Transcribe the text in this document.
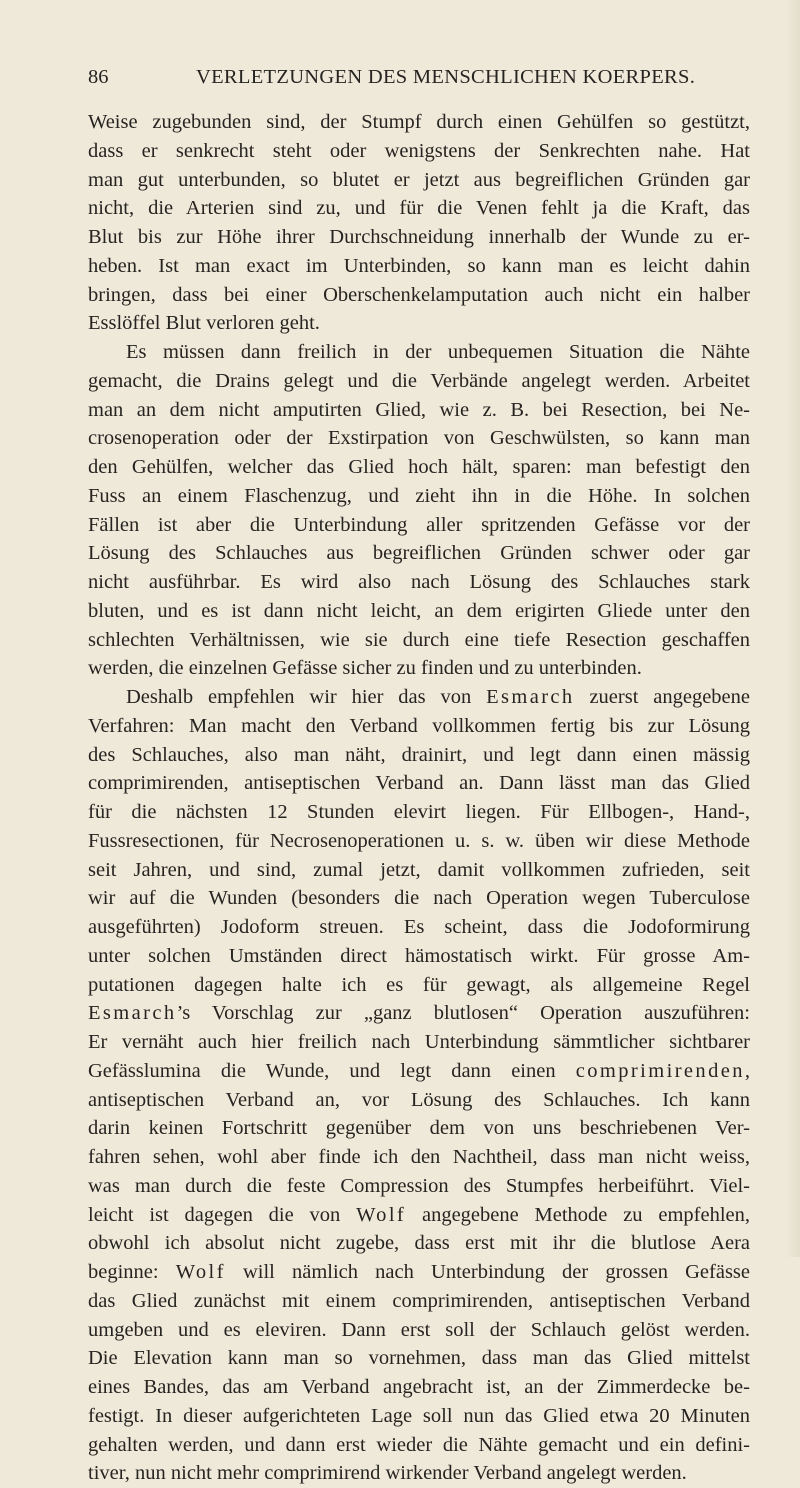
86	VERLETZUNGEN DES MENSCHLICHEN KOERPERS.
Weise zugebunden sind, der Stumpf durch einen Gehülfen so gestützt,
dass er senkrecht steht oder wenigstens der Senkrechten nahe. Hat
man gut unterbunden, so blutet er jetzt aus begreiflichen Gründen gar
nicht, die Arterien sind zu, und für die Venen fehlt ja die Kraft, das
Blut bis zur Höhe ihrer Durchschneidung innerhalb der Wunde zu er-
heben. Ist man exact im Unterbinden, so kann man es leicht dahin
bringen, dass bei einer Oberschenkelamputation auch nicht ein halber
Esslöffel Blut verloren geht.
Es müssen dann freilich in der unbequemen Situation die Nähte
gemacht, die Drains gelegt und die Verbände angelegt werden. Arbeitet
man an dem nicht amputirten Glied, wie z. B. bei Resection, bei Ne-
crosenoperation oder der Exstirpation von Geschwülsten, so kann man
den Gehülfen, welcher das Glied hoch hält, sparen: man befestigt den
Fuss an einem Flaschenzug, und zieht ihn in die Höhe. In solchen
Fällen ist aber die Unterbindung aller spritzenden Gefässe vor der
Lösung des Schlauches aus begreiflichen Gründen schwer oder gar
nicht ausführbar. Es wird also nach Lösung des Schlauches stark
bluten, und es ist dann nicht leicht, an dem erigirten Gliede unter den
schlechten Verhältnissen, wie sie durch eine tiefe Resection geschaffen
werden, die einzelnen Gefässe sicher zu finden und zu unterbinden.
Deshalb empfehlen wir hier das von Esmarch zuerst angegebene
Verfahren: Man macht den Verband vollkommen fertig bis zur Lösung
des Schlauches, also man näht, drainirt, und legt dann einen mässig
comprimirenden, antiseptischen Verband an. Dann lässt man das Glied
für die nächsten 12 Stunden elevirt liegen. Für Ellbogen-, Hand-,
Fussresectionen, für Necrosenoperationen u. s. w. üben wir diese Methode
seit Jahren, und sind, zumal jetzt, damit vollkommen zufrieden, seit
wir auf die Wunden (besonders die nach Operation wegen Tuberculose
ausgeführten) Jodoform streuen. Es scheint, dass die Jodoformirung
unter solchen Umständen direct hämostatisch wirkt. Für grosse Am-
putationen dagegen halte ich es für gewagt, als allgemeine Regel
Esmarch’s Vorschlag zur „ganz blutlosen“ Operation auszuführen:
Er vernäht auch hier freilich nach Unterbindung sämmtlicher sichtbarer
Gefässlumina die Wunde, und legt dann einen comprimirenden,
antiseptischen Verband an, vor Lösung des Schlauches. Ich kann
darin keinen Fortschritt gegenüber dem von uns beschriebenen Ver-
fahren sehen, wohl aber finde ich den Nachtheil, dass man nicht weiss,
was man durch die feste Compression des Stumpfes herbeiführt. Viel-
leicht ist dagegen die von Wolf angegebene Methode zu empfehlen,
obwohl ich absolut nicht zugebe, dass erst mit ihr die blutlose Aera
beginne: Wolf will nämlich nach Unterbindung der grossen Gefässe
das Glied zunächst mit einem comprimirenden, antiseptischen Verband
umgeben und es eleviren. Dann erst soll der Schlauch gelöst werden.
Die Elevation kann man so vornehmen, dass man das Glied mittelst
eines Bandes, das am Verband angebracht ist, an der Zimmerdecke be-
festigt. In dieser aufgerichteten Lage soll nun das Glied etwa 20 Minuten
gehalten werden, und dann erst wieder die Nähte gemacht und ein defini-
tiver, nun nicht mehr comprimirend wirkender Verband angelegt werden.
